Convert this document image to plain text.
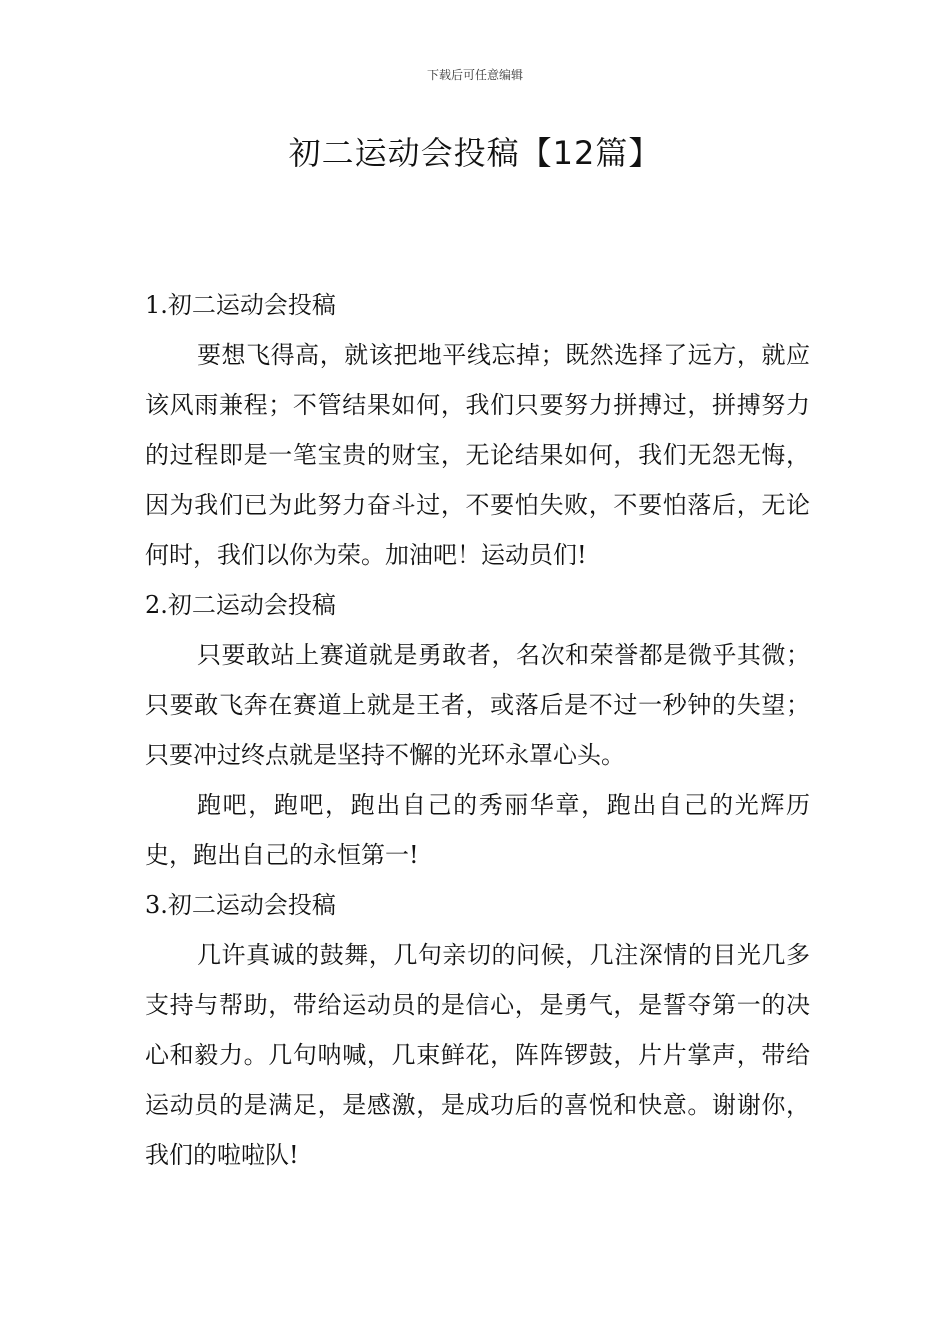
下载后可任意编辑
初二运动会投稿【12篇】
1.初二运动会投稿

要想飞得高，就该把地平线忘掉；既然选择了远方，就应该风雨兼程；不管结果如何，我们只要努力拼搏过，拼搏努力的过程即是一笔宝贵的财宝，无论结果如何，我们无怨无悔，因为我们已为此努力奋斗过，不要怕失败，不要怕落后，无论何时，我们以你为荣。加油吧！运动员们!

2.初二运动会投稿

只要敢站上赛道就是勇敢者，名次和荣誉都是微乎其微；只要敢飞奔在赛道上就是王者，或落后是不过一秒钟的失望；只要冲过终点就是坚持不懈的光环永罩心头。

跑吧，跑吧，跑出自己的秀丽华章，跑出自己的光辉历史，跑出自己的永恒第一!

3.初二运动会投稿

几许真诚的鼓舞，几句亲切的问候，几注深情的目光几多支持与帮助，带给运动员的是信心，是勇气，是誓夺第一的决心和毅力。几句呐喊，几束鲜花，阵阵锣鼓，片片掌声，带给运动员的是满足，是感激，是成功后的喜悦和快意。谢谢你，我们的啦啦队!
